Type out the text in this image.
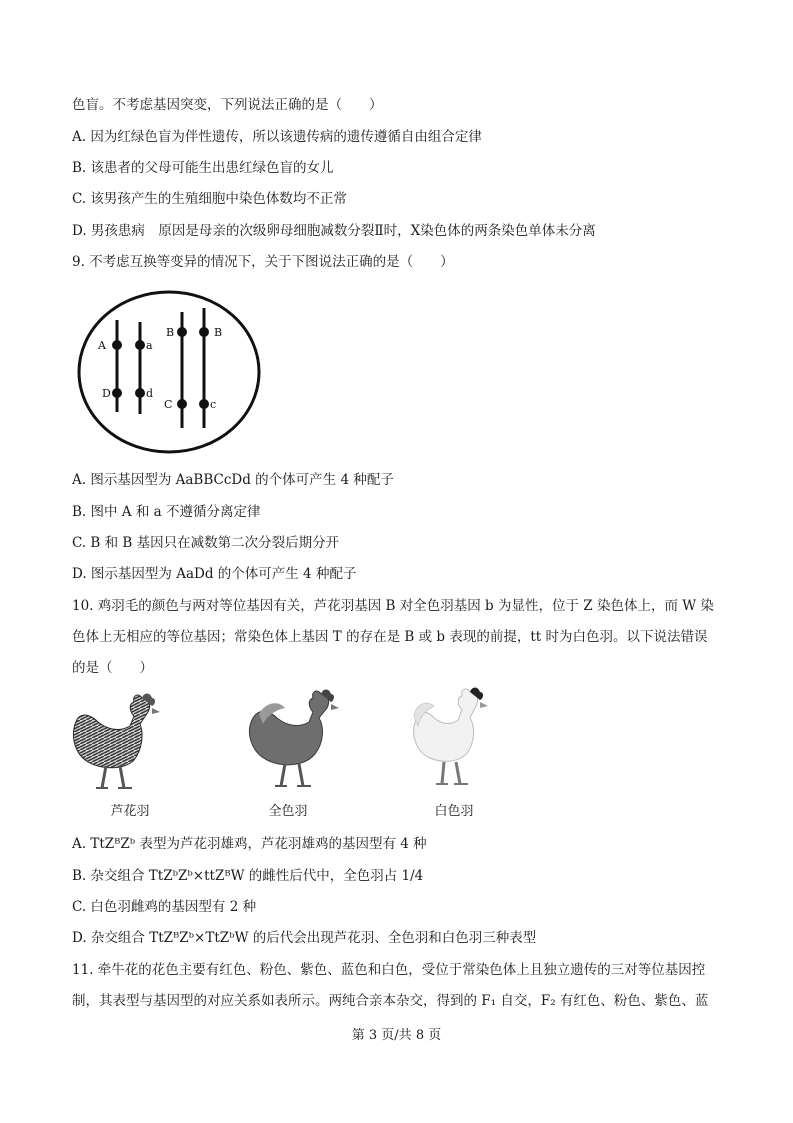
色盲。不考虑基因突变，下列说法正确的是（　　）
A. 因为红绿色盲为伴性遗传，所以该遗传病的遗传遵循自由组合定律
B. 该患者的父母可能生出患红绿色盲的女儿
C. 该男孩产生的生殖细胞中染色体数均不正常
D. 男孩患病　原因是母亲的次级卵母细胞减数分裂Ⅱ时，X染色体的两条染色单体未分离
9. 不考虑互换等变异的情况下，关于下图说法正确的是（　　）
A. 图示基因型为 AaBBCcDd 的个体可产生 4 种配子
B. 图中 A 和 a 不遵循分离定律
C. B 和 B 基因只在减数第二次分裂后期分开
D. 图示基因型为 AaDd 的个体可产生 4 种配子
10. 鸡羽毛的颜色与两对等位基因有关，芦花羽基因 B 对全色羽基因 b 为显性，位于 Z 染色体上，而 W 染
色体上无相应的等位基因；常染色体上基因 T 的存在是 B 或 b 表现的前提，tt 时为白色羽。以下说法错误
的是（　　）
A. TtZᴮZᵇ 表型为芦花羽雄鸡，芦花羽雄鸡的基因型有 4 种
B. 杂交组合 TtZᵇZᵇ×ttZᴮW 的雌性后代中，全色羽占 1/4
C. 白色羽雌鸡的基因型有 2 种
D. 杂交组合 TtZᴮZᵇ×TtZᵇW 的后代会出现芦花羽、全色羽和白色羽三种表型
11. 牵牛花的花色主要有红色、粉色、紫色、蓝色和白色，受位于常染色体上且独立遗传的三对等位基因控
制，其表型与基因型的对应关系如表所示。两纯合亲本杂交，得到的 F₁ 自交，F₂ 有红色、粉色、紫色、蓝
A	a
D	d
B	B
C	c
芦花羽	全色羽	白色羽
第 3 页/共 8 页
